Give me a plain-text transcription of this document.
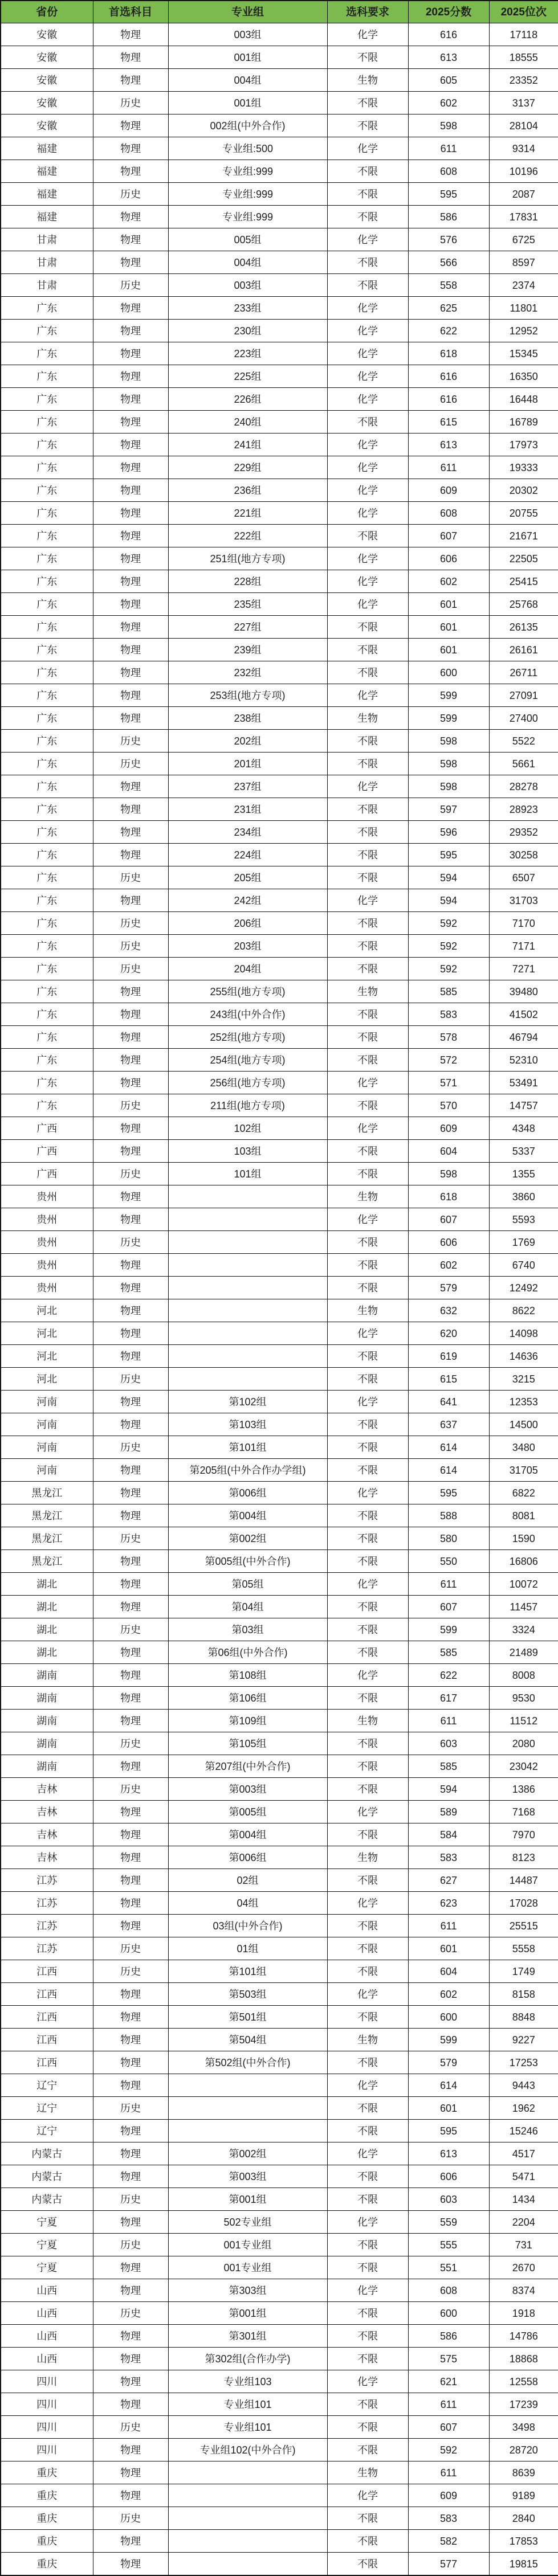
省份	首选科目	专业组	选科要求	2025分数	2025位次
安徽	物理	003组	化学	616	17118
安徽	物理	001组	不限	613	18555
安徽	物理	004组	生物	605	23352
安徽	历史	001组	不限	602	3137
安徽	物理	002组(中外合作)	不限	598	28104
福建	物理	专业组:500	化学	611	9314
福建	物理	专业组:999	不限	608	10196
福建	历史	专业组:999	不限	595	2087
福建	物理	专业组:999	不限	586	17831
甘肃	物理	005组	化学	576	6725
甘肃	物理	004组	不限	566	8597
甘肃	历史	003组	不限	558	2374
广东	物理	233组	化学	625	11801
广东	物理	230组	化学	622	12952
广东	物理	223组	化学	618	15345
广东	物理	225组	化学	616	16350
广东	物理	226组	化学	616	16448
广东	物理	240组	不限	615	16789
广东	物理	241组	化学	613	17973
广东	物理	229组	化学	611	19333
广东	物理	236组	化学	609	20302
广东	物理	221组	化学	608	20755
广东	物理	222组	不限	607	21671
广东	物理	251组(地方专项)	化学	606	22505
广东	物理	228组	化学	602	25415
广东	物理	235组	化学	601	25768
广东	物理	227组	不限	601	26135
广东	物理	239组	不限	601	26161
广东	物理	232组	不限	600	26711
广东	物理	253组(地方专项)	化学	599	27091
广东	物理	238组	生物	599	27400
广东	历史	202组	不限	598	5522
广东	历史	201组	不限	598	5661
广东	物理	237组	化学	598	28278
广东	物理	231组	不限	597	28923
广东	物理	234组	不限	596	29352
广东	物理	224组	不限	595	30258
广东	历史	205组	不限	594	6507
广东	物理	242组	化学	594	31703
广东	历史	206组	不限	592	7170
广东	历史	203组	不限	592	7171
广东	历史	204组	不限	592	7271
广东	物理	255组(地方专项)	生物	585	39480
广东	物理	243组(中外合作)	不限	583	41502
广东	物理	252组(地方专项)	不限	578	46794
广东	物理	254组(地方专项)	不限	572	52310
广东	物理	256组(地方专项)	化学	571	53491
广东	历史	211组(地方专项)	不限	570	14757
广西	物理	102组	化学	609	4348
广西	物理	103组	不限	604	5337
广西	历史	101组	不限	598	1355
贵州	物理		生物	618	3860
贵州	物理		化学	607	5593
贵州	历史		不限	606	1769
贵州	物理		不限	602	6740
贵州	物理		不限	579	12492
河北	物理		生物	632	8622
河北	物理		化学	620	14098
河北	物理		不限	619	14636
河北	历史		不限	615	3215
河南	物理	第102组	化学	641	12353
河南	物理	第103组	不限	637	14500
河南	历史	第101组	不限	614	3480
河南	物理	第205组(中外合作办学组)	不限	614	31705
黑龙江	物理	第006组	化学	595	6822
黑龙江	物理	第004组	不限	588	8081
黑龙江	历史	第002组	不限	580	1590
黑龙江	物理	第005组(中外合作)	不限	550	16806
湖北	物理	第05组	化学	611	10072
湖北	物理	第04组	不限	607	11457
湖北	历史	第03组	不限	599	3324
湖北	物理	第06组(中外合作)	不限	585	21489
湖南	物理	第108组	化学	622	8008
湖南	物理	第106组	不限	617	9530
湖南	物理	第109组	生物	611	11512
湖南	历史	第105组	不限	603	2080
湖南	物理	第207组(中外合作)	不限	585	23042
吉林	历史	第003组	不限	594	1386
吉林	物理	第005组	化学	589	7168
吉林	物理	第004组	不限	584	7970
吉林	物理	第006组	生物	583	8123
江苏	物理	02组	不限	627	14487
江苏	物理	04组	化学	623	17028
江苏	物理	03组(中外合作)	不限	611	25515
江苏	历史	01组	不限	601	5558
江西	历史	第101组	不限	604	1749
江西	物理	第503组	化学	602	8158
江西	物理	第501组	不限	600	8848
江西	物理	第504组	生物	599	9227
江西	物理	第502组(中外合作)	不限	579	17253
辽宁	物理		化学	614	9443
辽宁	历史		不限	601	1962
辽宁	物理		不限	595	15246
内蒙古	物理	第002组	化学	613	4517
内蒙古	物理	第003组	不限	606	5471
内蒙古	历史	第001组	不限	603	1434
宁夏	物理	502专业组	化学	559	2204
宁夏	历史	001专业组	不限	555	731
宁夏	物理	001专业组	不限	551	2670
山西	物理	第303组	化学	608	8374
山西	历史	第001组	不限	600	1918
山西	物理	第301组	不限	586	14786
山西	物理	第302组(合作办学)	不限	575	18868
四川	物理	专业组103	化学	621	12558
四川	物理	专业组101	不限	611	17239
四川	历史	专业组101	不限	607	3498
四川	物理	专业组102(中外合作)	不限	592	28720
重庆	物理		生物	611	8639
重庆	物理		化学	609	9189
重庆	历史		不限	583	2840
重庆	物理		不限	582	17853
重庆	物理		不限	577	19815
